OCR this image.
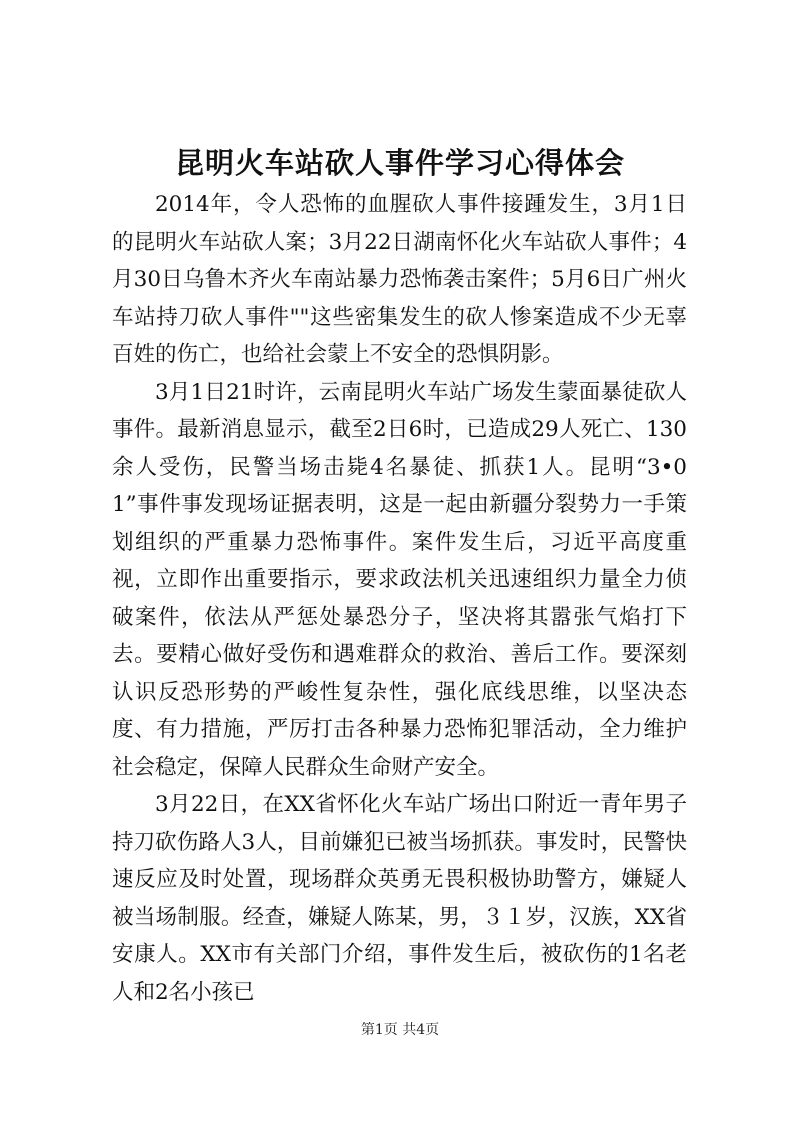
昆明火车站砍人事件学习心得体会

2014年，令人恐怖的血腥砍人事件接踵发生，3月1日的昆明火车站砍人案；3月22日湖南怀化火车站砍人事件；4月30日乌鲁木齐火车南站暴力恐怖袭击案件；5月6日广州火车站持刀砍人事件""这些密集发生的砍人惨案造成不少无辜百姓的伤亡，也给社会蒙上不安全的恐惧阴影。

3月1日21时许，云南昆明火车站广场发生蒙面暴徒砍人事件。最新消息显示，截至2日6时，已造成29人死亡、130余人受伤，民警当场击毙4名暴徒、抓获1人。昆明“3•01”事件事发现场证据表明，这是一起由新疆分裂势力一手策划组织的严重暴力恐怖事件。案件发生后，习近平高度重视，立即作出重要指示，要求政法机关迅速组织力量全力侦破案件，依法从严惩处暴恐分子，坚决将其嚣张气焰打下去。要精心做好受伤和遇难群众的救治、善后工作。要深刻认识反恐形势的严峻性复杂性，强化底线思维，以坚决态度、有力措施，严厉打击各种暴力恐怖犯罪活动，全力维护社会稳定，保障人民群众生命财产安全。

3月22日，在XX省怀化火车站广场出口附近一青年男子持刀砍伤路人3人，目前嫌犯已被当场抓获。事发时，民警快速反应及时处置，现场群众英勇无畏积极协助警方，嫌疑人被当场制服。经查，嫌疑人陈某，男，３１岁，汉族，XX省安康人。XX市有关部门介绍，事件发生后，被砍伤的1名老人和2名小孩已

第1页 共4页
